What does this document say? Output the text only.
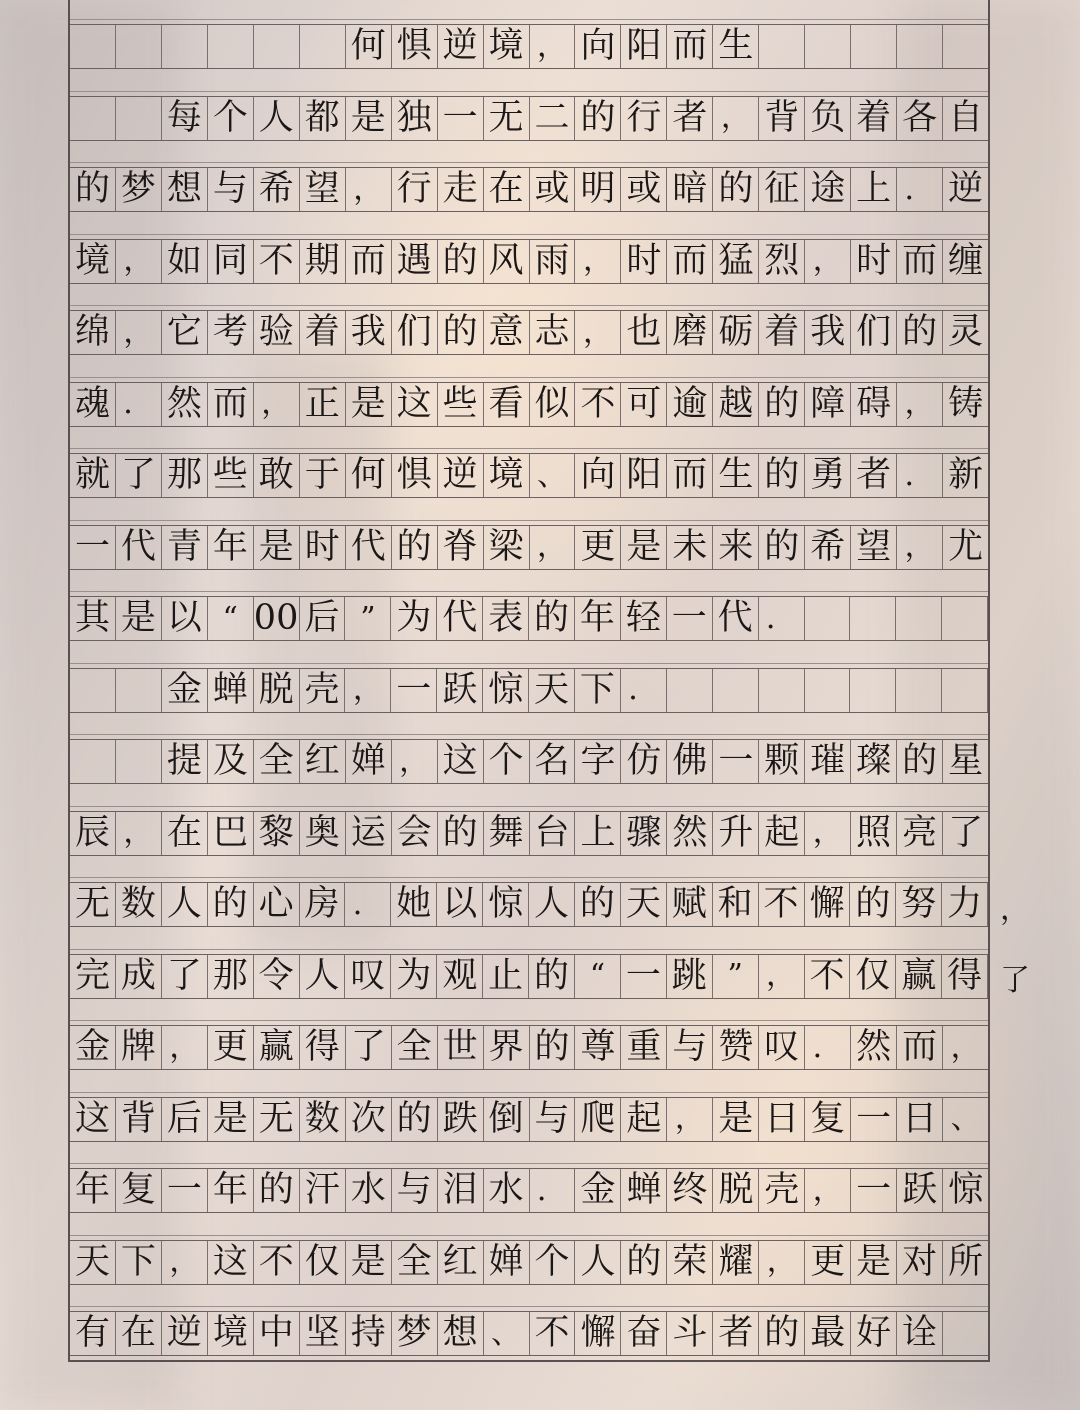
何 惧 逆 境 ， 向 阳 而 生
每 个 人 都 是 独 一 无 二 的 行 者 ， 背 负 着 各 自
的 梦 想 与 希 望 ， 行 走 在 或 明 或 暗 的 征 途 上 ． 逆
境 ， 如 同 不 期 而 遇 的 风 雨 ， 时 而 猛 烈 ， 时 而 缠
绵 ， 它 考 验 着 我 们 的 意 志 ， 也 磨 砺 着 我 们 的 灵
魂 ． 然 而 ， 正 是 这 些 看 似 不 可 逾 越 的 障 碍 ， 铸
就 了 那 些 敢 于 何 惧 逆 境 、 向 阳 而 生 的 勇 者 ． 新
一 代 青 年 是 时 代 的 脊 梁 ， 更 是 未 来 的 希 望 ， 尤
其 是 以 “ 00 后 ” 为 代 表 的 年 轻 一 代 ．
金 蝉 脱 壳 ， 一 跃 惊 天 下 ．
提 及 全 红 婵 ， 这 个 名 字 仿 佛 一 颗 璀 璨 的 星
辰 ， 在 巴 黎 奥 运 会 的 舞 台 上 骤 然 升 起 ， 照 亮 了
无 数 人 的 心 房 ． 她 以 惊 人 的 天 赋 和 不 懈 的 努 力 ，
完 成 了 那 令 人 叹 为 观 止 的 “ 一 跳 ” ， 不 仅 赢 得 了
金 牌 ， 更 赢 得 了 全 世 界 的 尊 重 与 赞 叹 ． 然 而 ，
这 背 后 是 无 数 次 的 跌 倒 与 爬 起 ， 是 日 复 一 日 、
年 复 一 年 的 汗 水 与 泪 水 ． 金 蝉 终 脱 壳 ， 一 跃 惊
天 下 ， 这 不 仅 是 全 红 婵 个 人 的 荣 耀 ， 更 是 对 所
有 在 逆 境 中 坚 持 梦 想 、 不 懈 奋 斗 者 的 最 好 诠
